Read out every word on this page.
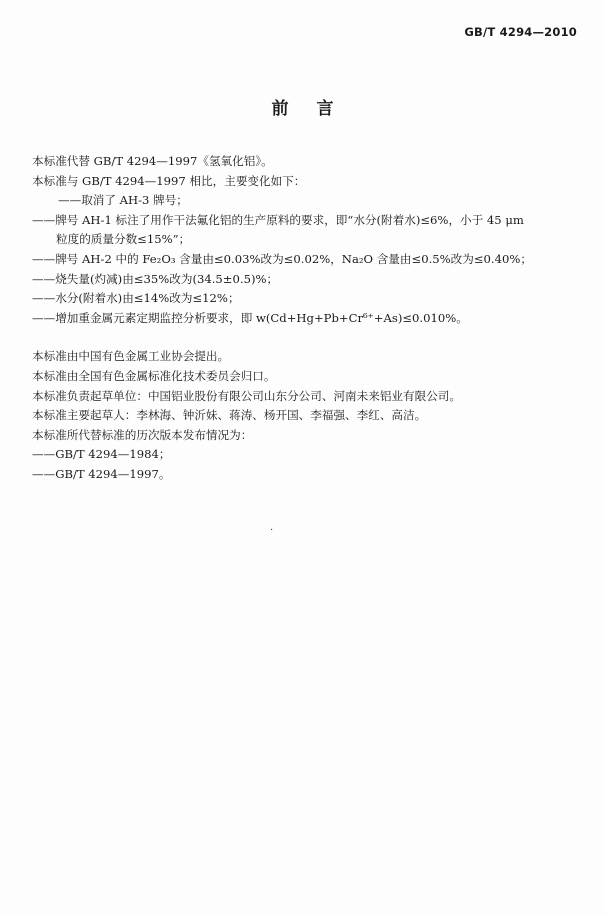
GB/T 4294—2010
前言
本标准代替 GB/T 4294—1997《氢氧化铝》。
本标准与 GB/T 4294—1997 相比，主要变化如下：
——取消了 AH-3 牌号；
——牌号 AH-1 标注了用作干法氟化铝的生产原料的要求，即“水分(附着水)≤6%，小于 45 μm
粒度的质量分数≤15%”；
——牌号 AH-2 中的 Fe₂O₃ 含量由≤0.03%改为≤0.02%，Na₂O 含量由≤0.5%改为≤0.40%；
——烧失量(灼减)由≤35%改为(34.5±0.5)%；
——水分(附着水)由≤14%改为≤12%；
——增加重金属元素定期监控分析要求，即 w(Cd+Hg+Pb+Cr⁶⁺+As)≤0.010%。
本标准由中国有色金属工业协会提出。
本标准由全国有色金属标准化技术委员会归口。
本标准负责起草单位：中国铝业股份有限公司山东分公司、河南未来铝业有限公司。
本标准主要起草人：李林海、钟沂妹、蒋涛、杨开国、李福强、李红、高洁。
本标准所代替标准的历次版本发布情况为：
——GB/T 4294—1984；
——GB/T 4294—1997。
·
